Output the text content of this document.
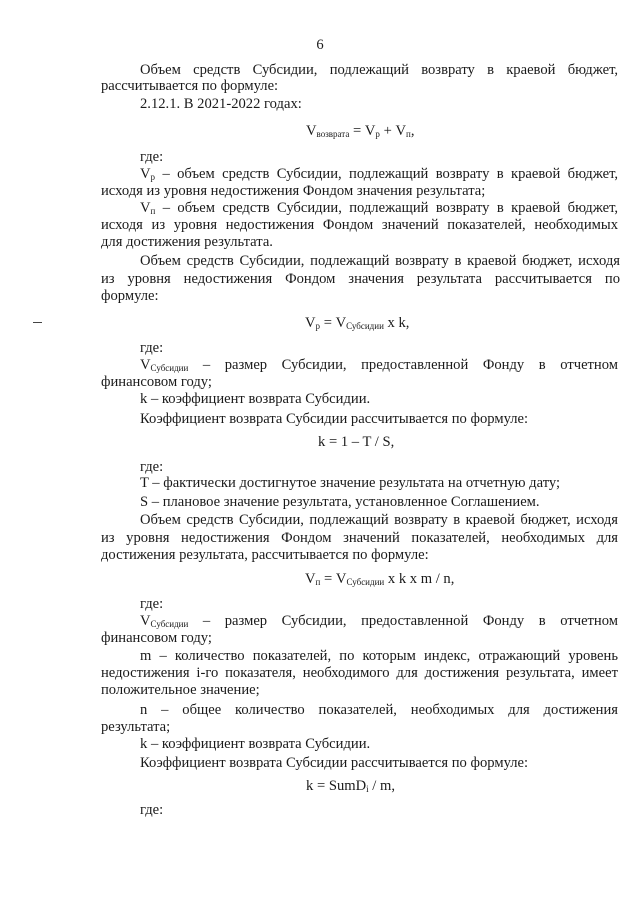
6
Объем средств Субсидии, подлежащий возврату в краевой бюджет,
рассчитывается по формуле:
2.12.1. В 2021-2022 годах:
$V_{возврата} = V_р + V_п$,
где:
$V_р$ – объем средств Субсидии, подлежащий возврату в краевой бюджет,
исходя из уровня недостижения Фондом значения результата;
$V_п$ – объем средств Субсидии, подлежащий возврату в краевой бюджет,
исходя из уровня недостижения Фондом значений показателей, необходимых
для достижения результата.
Объем средств Субсидии, подлежащий возврату в краевой бюджет, исходя
из уровня недостижения Фондом значения результата рассчитывается по
формуле:
$V_р = V_{Субсидии}$ x k,
где:
$V_{Субсидии}$ – размер Субсидии, предоставленной Фонду в отчетном
финансовом году;
k – коэффициент возврата Субсидии.
Коэффициент возврата Субсидии рассчитывается по формуле:
k = 1 – T / S,
где:
T – фактически достигнутое значение результата на отчетную дату;
S – плановое значение результата, установленное Соглашением.
Объем средств Субсидии, подлежащий возврату в краевой бюджет, исходя
из уровня недостижения Фондом значений показателей, необходимых для
достижения результата, рассчитывается по формуле:
$V_п = V_{Субсидии}$ x k x m / n,
где:
$V_{Субсидии}$ – размер Субсидии, предоставленной Фонду в отчетном
финансовом году;
m – количество показателей, по которым индекс, отражающий уровень
недостижения i-го показателя, необходимого для достижения результата, имеет
положительное значение;
n – общее количество показателей, необходимых для достижения
результата;
k – коэффициент возврата Субсидии.
Коэффициент возврата Субсидии рассчитывается по формуле:
k = SumD$_i$ / m,
где:
